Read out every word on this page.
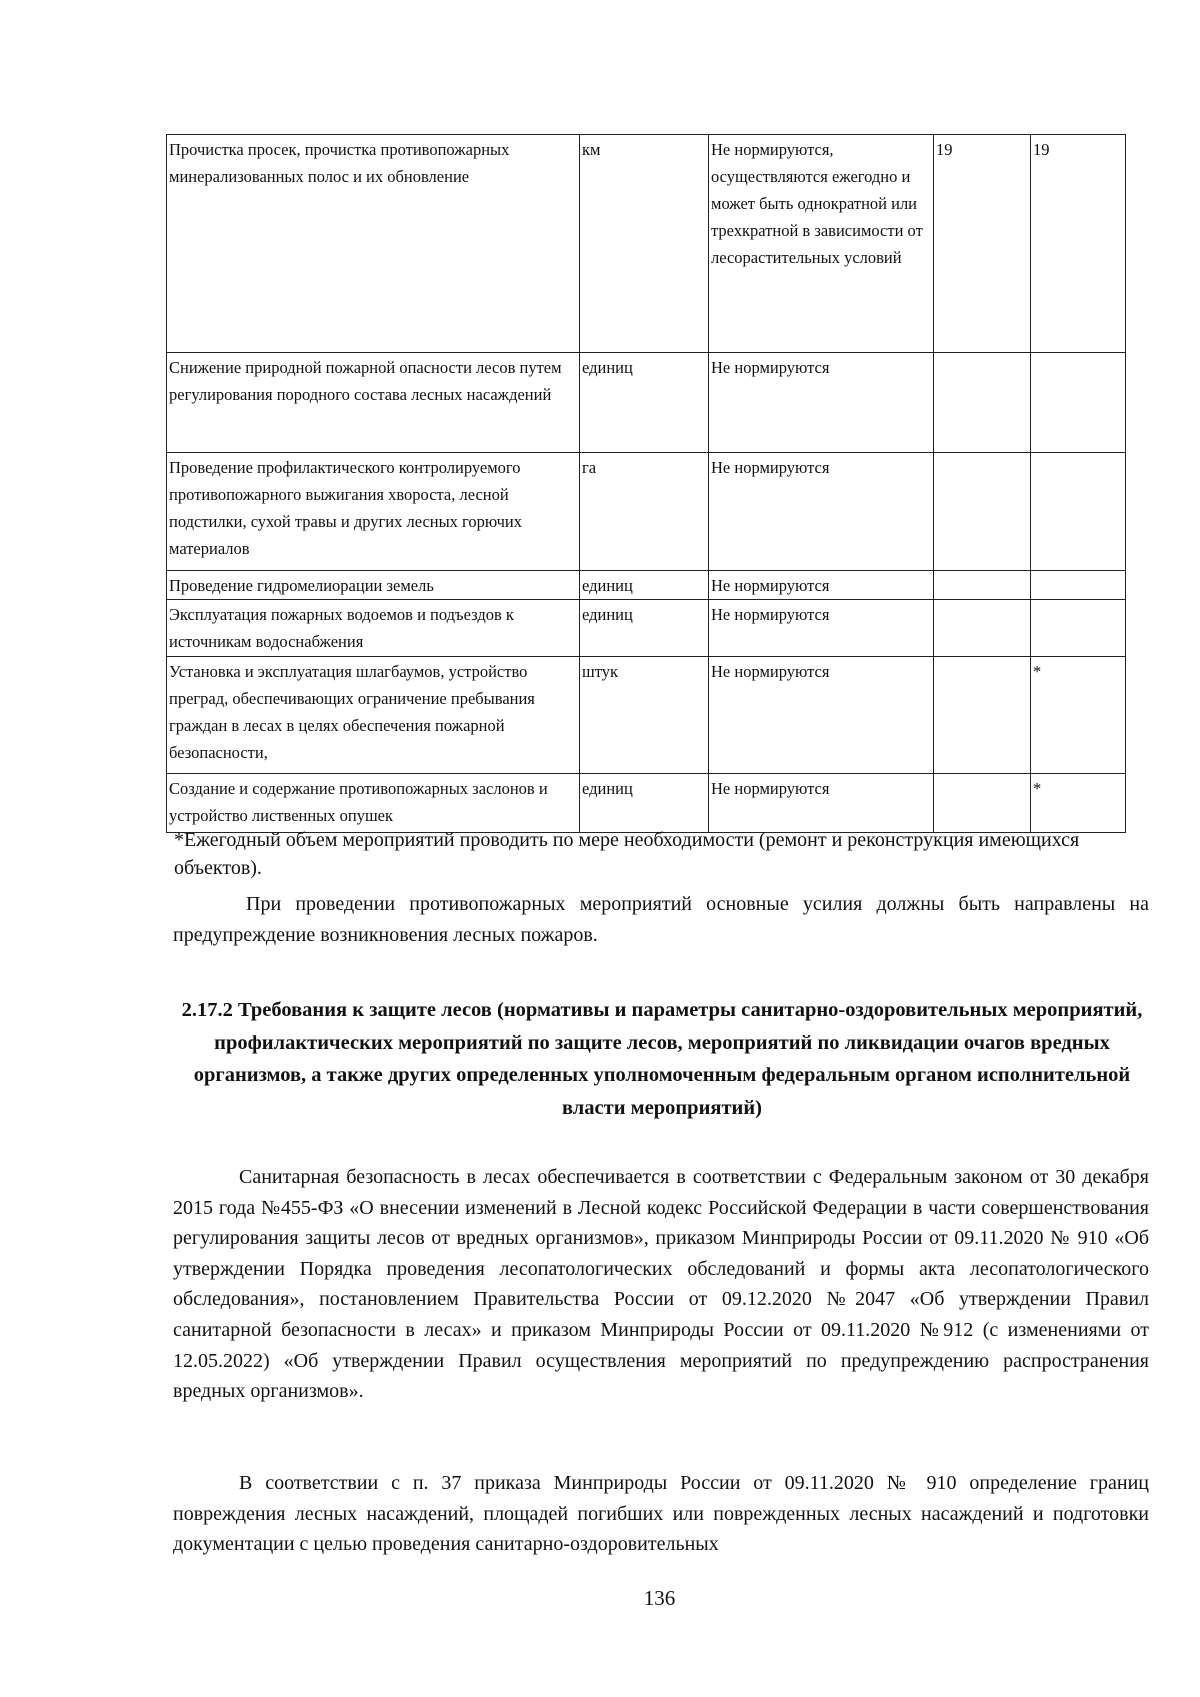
Прочистка просек, прочистка противопожарных минерализованных полос и их обновление	км	Не нормируются, осуществляются ежегодно и может быть однократной или трехкратной в зависимости от лесорастительных условий	19	19
Снижение природной пожарной опасности лесов путем регулирования породного состава лесных насаждений	единиц	Не нормируются		
Проведение профилактического контролируемого противопожарного выжигания хвороста, лесной подстилки, сухой травы и других лесных горючих материалов	га	Не нормируются		
Проведение гидромелиорации земель	единиц	Не нормируются		
Эксплуатация пожарных водоемов и подъездов к источникам водоснабжения	единиц	Не нормируются		
Установка и эксплуатация шлагбаумов, устройство преград, обеспечивающих ограничение пребывания граждан в лесах в целях обеспечения пожарной безопасности,	штук	Не нормируются		*
Создание и содержание противопожарных заслонов и устройство лиственных опушек	единиц	Не нормируются		*
*Ежегодный объем мероприятий проводить по мере необходимости (ремонт и реконструкция имеющихся объектов).

При проведении противопожарных мероприятий основные усилия должны быть направлены на предупреждение возникновения лесных пожаров.

2.17.2 Требования к защите лесов (нормативы и параметры санитарно-оздоровительных мероприятий, профилактических мероприятий по защите лесов, мероприятий по ликвидации очагов вредных организмов, а также других определенных уполномоченным федеральным органом исполнительной власти мероприятий)

Санитарная безопасность в лесах обеспечивается в соответствии с Федеральным законом от 30 декабря 2015 года №455-ФЗ «О внесении изменений в Лесной кодекс Российской Федерации в части совершенствования регулирования защиты лесов от вредных организмов», приказом Минприроды России от 09.11.2020 № 910 «Об утверждении Порядка проведения лесопатологических обследований и формы акта лесопатологического обследования», постановлением Правительства России от 09.12.2020 №2047 «Об утверждении Правил санитарной безопасности в лесах» и приказом Минприроды России от 09.11.2020 №912 (с изменениями от 12.05.2022) «Об утверждении Правил осуществления мероприятий по предупреждению распространения вредных организмов».

В соответствии с п. 37 приказа Минприроды России от 09.11.2020 № 910 определение границ повреждения лесных насаждений, площадей погибших или поврежденных лесных насаждений и подготовки документации с целью проведения санитарно-оздоровительных

136
